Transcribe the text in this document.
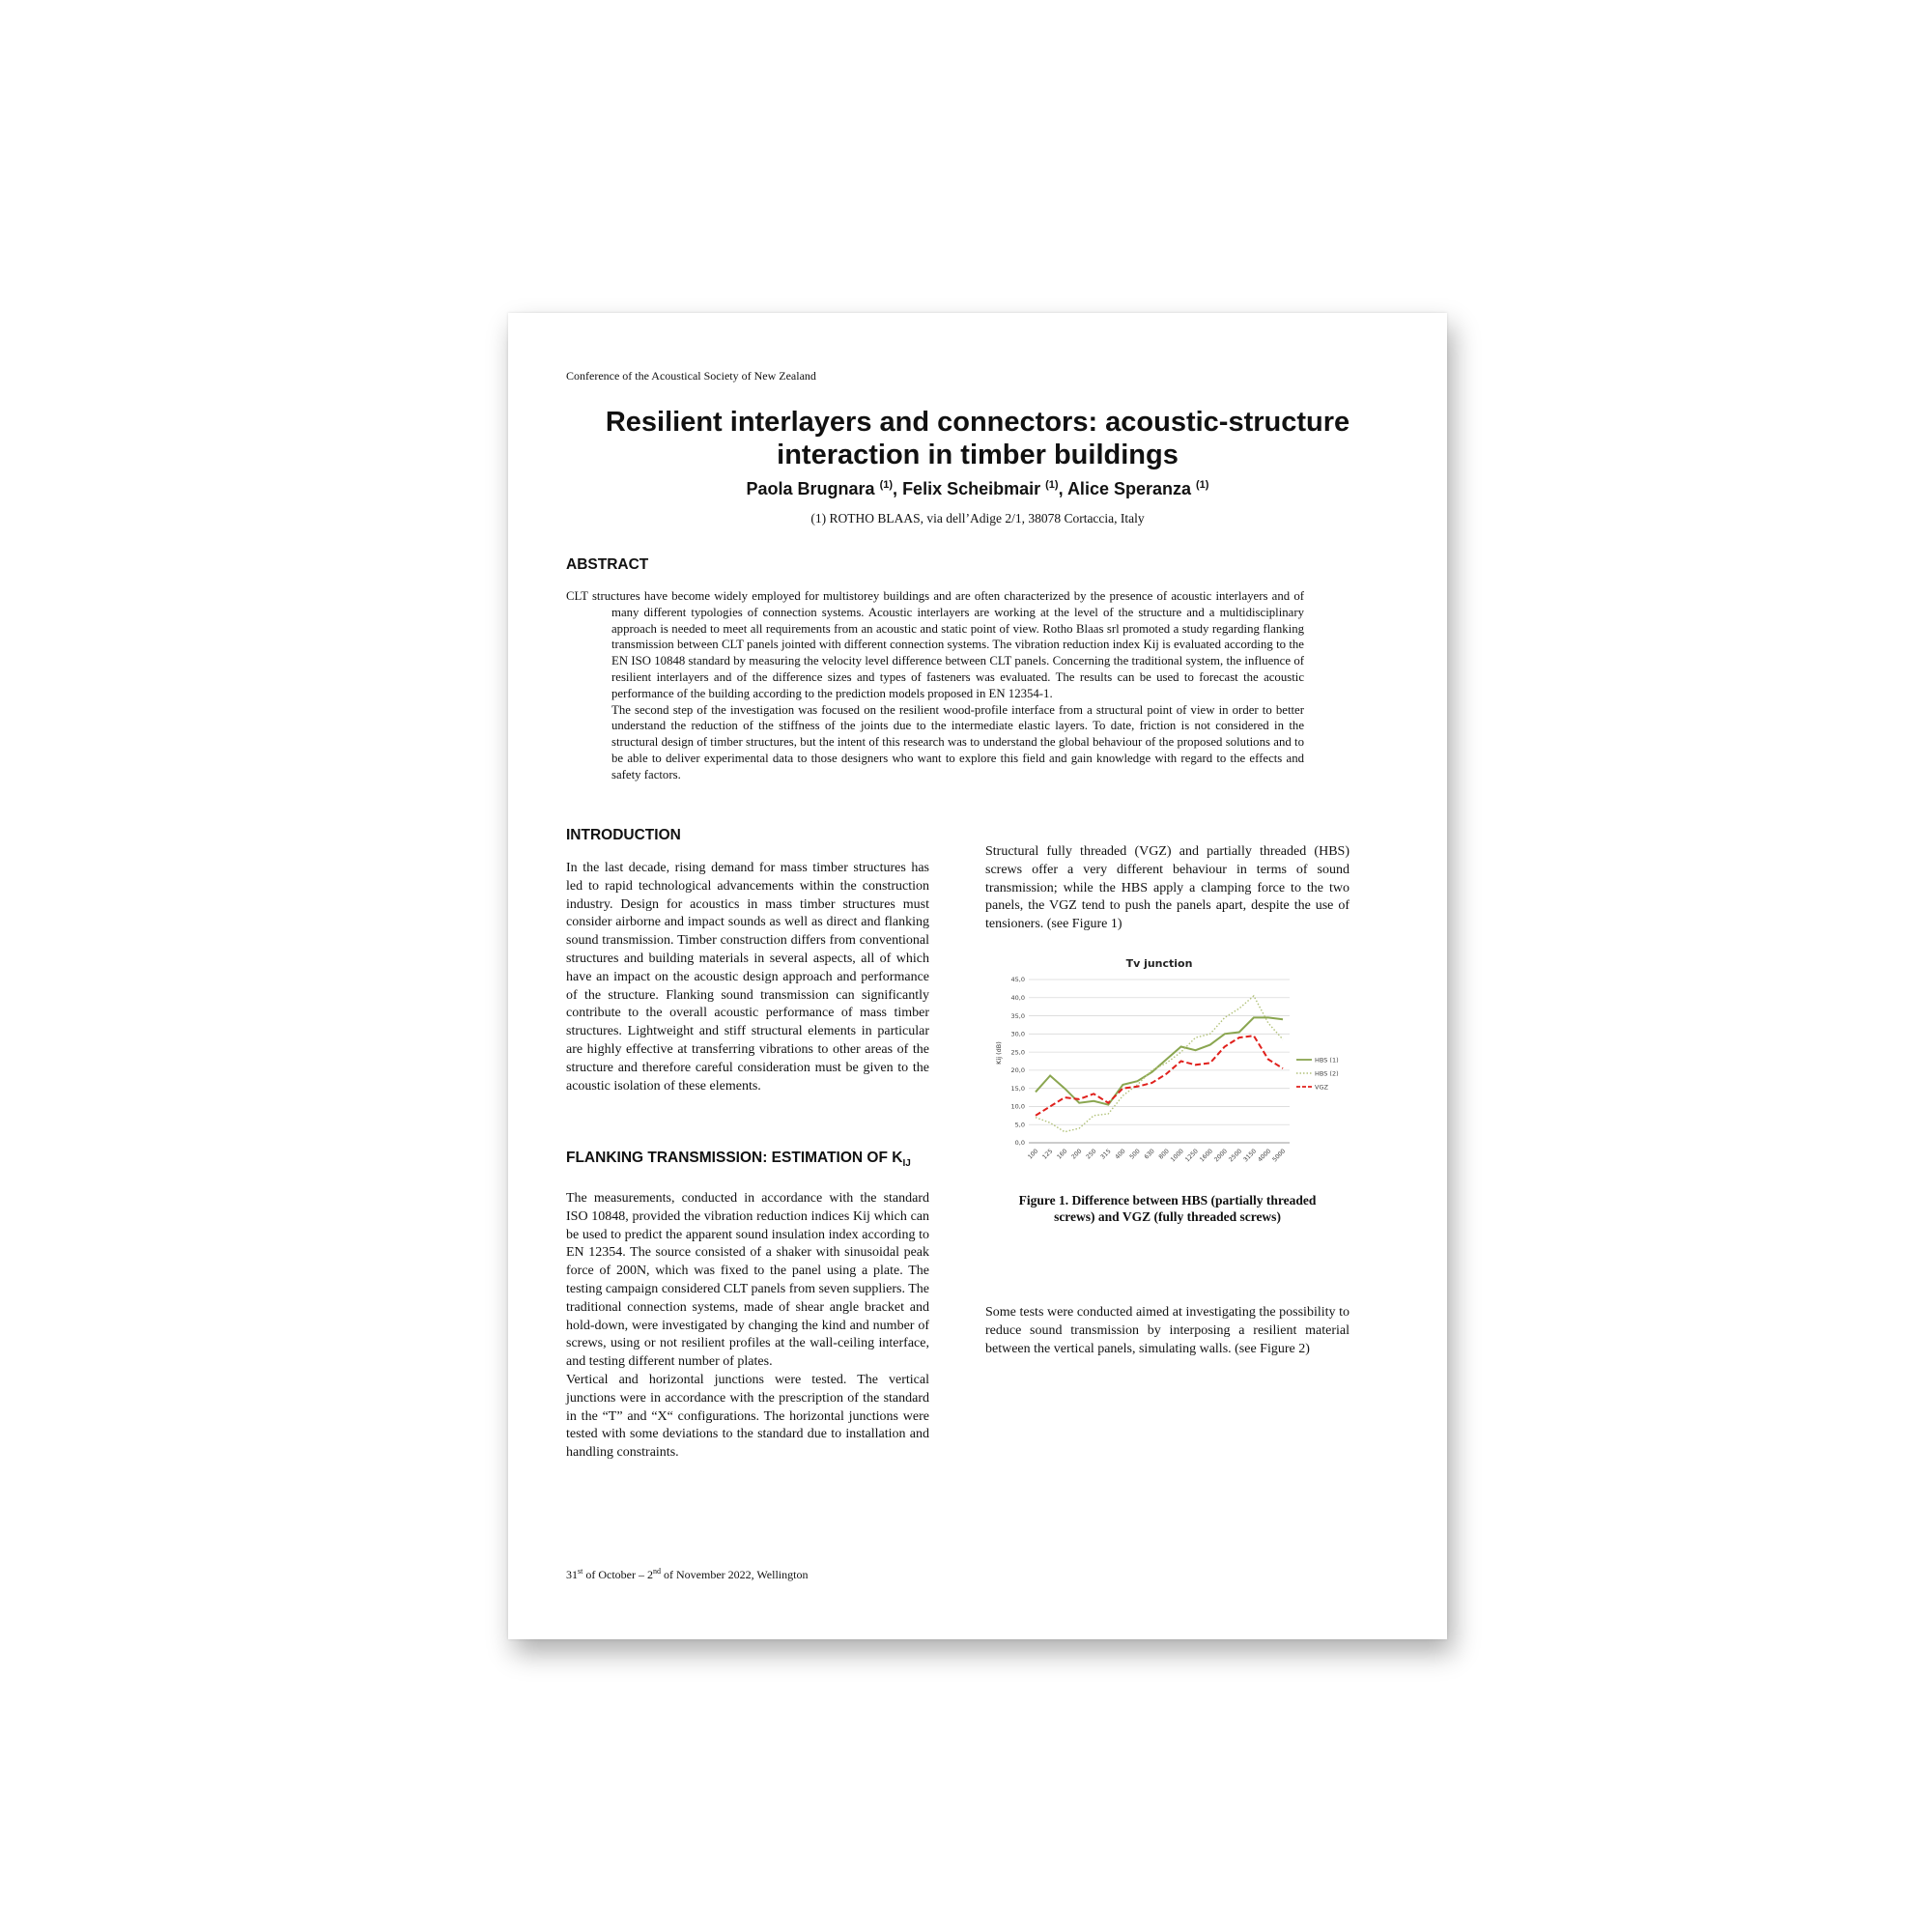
Conference of the Acoustical Society of New Zealand
Resilient interlayers and connectors: acoustic-structure
interaction in timber buildings
Paola Brugnara $^{(1)}$, Felix Scheibmair $^{(1)}$, Alice Speranza $^{(1)}$
(1) ROTHO BLAAS, via dell’Adige 2/1, 38078 Cortaccia, Italy
ABSTRACT

CLT structures have become widely employed for multistorey buildings and are often characterized by the presence of acoustic interlayers and of many different typologies of connection systems. Acoustic interlayers are working at the level of the structure and a multidisciplinary approach is needed to meet all requirements from an acoustic and static point of view. Rotho Blaas srl promoted a study regarding flanking transmission between CLT panels jointed with different connection systems. The vibration reduction index Kij is evaluated according to the EN ISO 10848 standard by measuring the velocity level difference between CLT panels. Concerning the traditional system, the influence of resilient interlayers and of the difference sizes and types of fasteners was evaluated. The results can be used to forecast the acoustic performance of the building according to the prediction models proposed in EN 12354-1.

The second step of the investigation was focused on the resilient wood-profile interface from a structural point of view in order to better understand the reduction of the stiffness of the joints due to the intermediate elastic layers. To date, friction is not considered in the structural design of timber structures, but the intent of this research was to understand the global behaviour of the proposed solutions and to be able to deliver experimental data to those designers who want to explore this field and gain knowledge with regard to the effects and safety factors.

INTRODUCTION

In the last decade, rising demand for mass timber structures has led to rapid technological advancements within the construction industry. Design for acoustics in mass timber structures must consider airborne and impact sounds as well as direct and flanking sound transmission. Timber construction differs from conventional structures and building materials in several aspects, all of which have an impact on the acoustic design approach and performance of the structure. Flanking sound transmission can significantly contribute to the overall acoustic performance of mass timber structures. Lightweight and stiff structural elements in particular are highly effective at transferring vibrations to other areas of the structure and therefore careful consideration must be given to the acoustic isolation of these elements.

FLANKING TRANSMISSION: ESTIMATION OF $K_{IJ}$

The measurements, conducted in accordance with the standard ISO 10848, provided the vibration reduction indices Kij which can be used to predict the apparent sound insulation index according to EN 12354. The source consisted of a shaker with sinusoidal peak force of 200N, which was fixed to the panel using a plate. The testing campaign considered CLT panels from seven suppliers. The traditional connection systems, made of shear angle bracket and hold-down, were investigated by changing the kind and number of screws, using or not resilient profiles at the wall-ceiling interface, and testing different number of plates.

Vertical and horizontal junctions were tested. The vertical junctions were in accordance with the prescription of the standard in the “T” and “X“ configurations. The horizontal junctions were tested with some deviations to the standard due to installation and handling constraints.

Structural fully threaded (VGZ) and partially threaded (HBS) screws offer a very different behaviour in terms of sound transmission; while the HBS apply a clamping force to the two panels, the VGZ tend to push the panels apart, despite the use of tensioners. (see Figure 1)

Tv junction
Kij (dB)
0,0
5,0
10,0
15,0
20,0
25,0
30,0
35,0
40,0
45,0
100 125 160 200 250 315 400 500 630 800
1000
1250
1600
2000
2500
3150
4000
5000
HBS (1)
HBS (2)
VGZ
Figure 1. Difference between HBS (partially threaded
screws) and VGZ (fully threaded screws)

Some tests were conducted aimed at investigating the possibility to reduce sound transmission by interposing a resilient material between the vertical panels, simulating walls. (see Figure 2)

31st of October – 2nd of November 2022, Wellington
